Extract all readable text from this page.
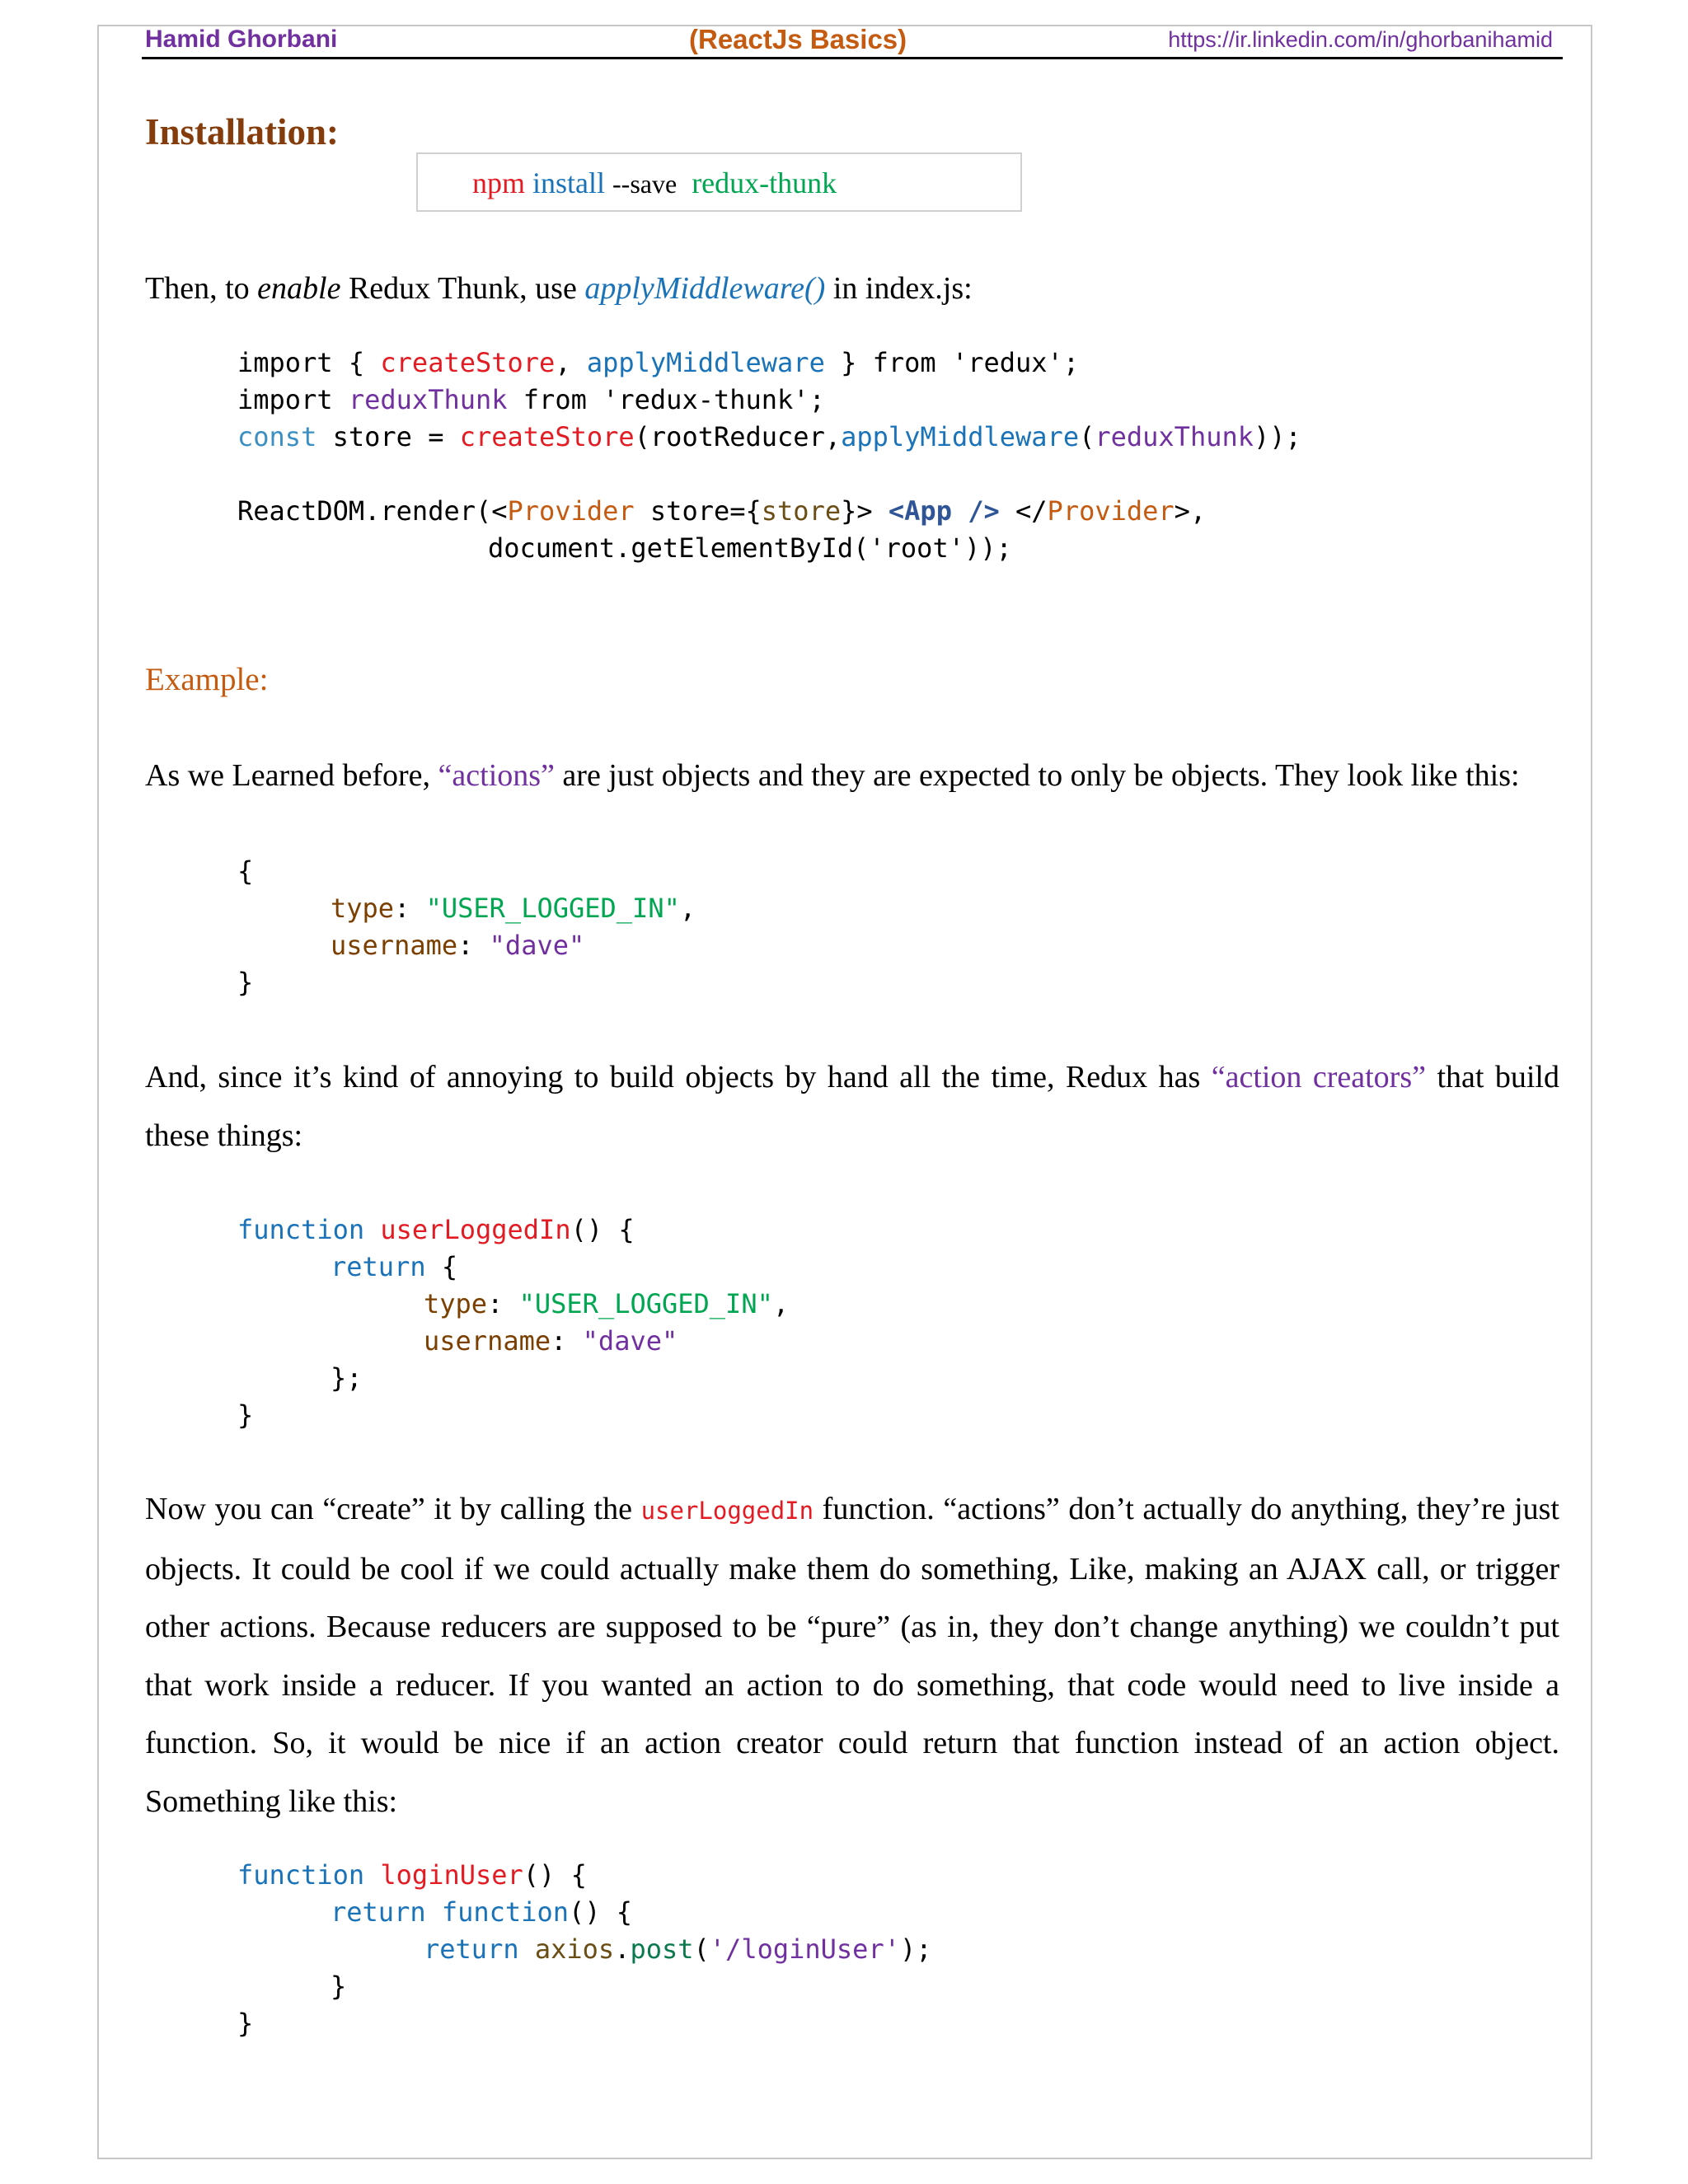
Hamid Ghorbani	(ReactJs Basics)	https://ir.linkedin.com/in/ghorbanihamid
Installation:
npm install --save redux-thunk

Then, to enable Redux Thunk, use applyMiddleware() in index.js:

import { createStore, applyMiddleware } from 'redux';
import reduxThunk from 'redux-thunk';
const store = createStore(rootReducer,applyMiddleware(reduxThunk));
ReactDOM.render(<Provider store={store}> <App /> </Provider>,
document.getElementById('root'));
Example:

As we Learned before, “actions” are just objects and they are expected to only be objects. They look like this:

{
type: "USER_LOGGED_IN",
username: "dave"
}

And, since it’s kind of annoying to build objects by hand all the time, Redux has “action creators” that build these things:

function userLoggedIn() {
return {
type: "USER_LOGGED_IN",
username: "dave"
};
}

Now you can “create” it by calling the userLoggedIn function. “actions” don’t actually do anything, they’re just objects. It could be cool if we could actually make them do something, Like, making an AJAX call, or trigger other actions. Because reducers are supposed to be “pure” (as in, they don’t change anything) we couldn’t put that work inside a reducer. If you wanted an action to do something, that code would need to live inside a function. So, it would be nice if an action creator could return that function instead of an action object. Something like this:

function loginUser() {
return function() {
return axios.post('/loginUser');
}
}
